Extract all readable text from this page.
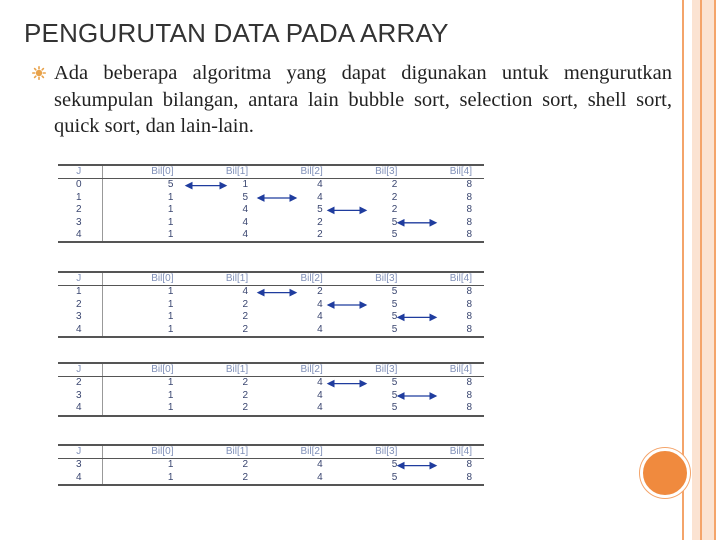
PENGURUTAN DATA PADA ARRAY
Ada beberapa algoritma yang dapat digunakan untuk mengurutkan sekumpulan bilangan, antara lain bubble sort, selection sort, shell sort, quick sort, dan lain-lain.
J	Bil[0]	Bil[1]	Bil[2]	Bil[3]	Bil[4]
0	5	1	4	2	8
1	1	5	4	2	8
2	1	4	5	2	8
3	1	4	2	5	8
4	1	4	2	5	8
J	Bil[0]	Bil[1]	Bil[2]	Bil[3]	Bil[4]
1	1	4	2	5	8
2	1	2	4	5	8
3	1	2	4	5	8
4	1	2	4	5	8
J	Bil[0]	Bil[1]	Bil[2]	Bil[3]	Bil[4]
2	1	2	4	5	8
3	1	2	4	5	8
4	1	2	4	5	8
J	Bil[0]	Bil[1]	Bil[2]	Bil[3]	Bil[4]
3	1	2	4	5	8
4	1	2	4	5	8
